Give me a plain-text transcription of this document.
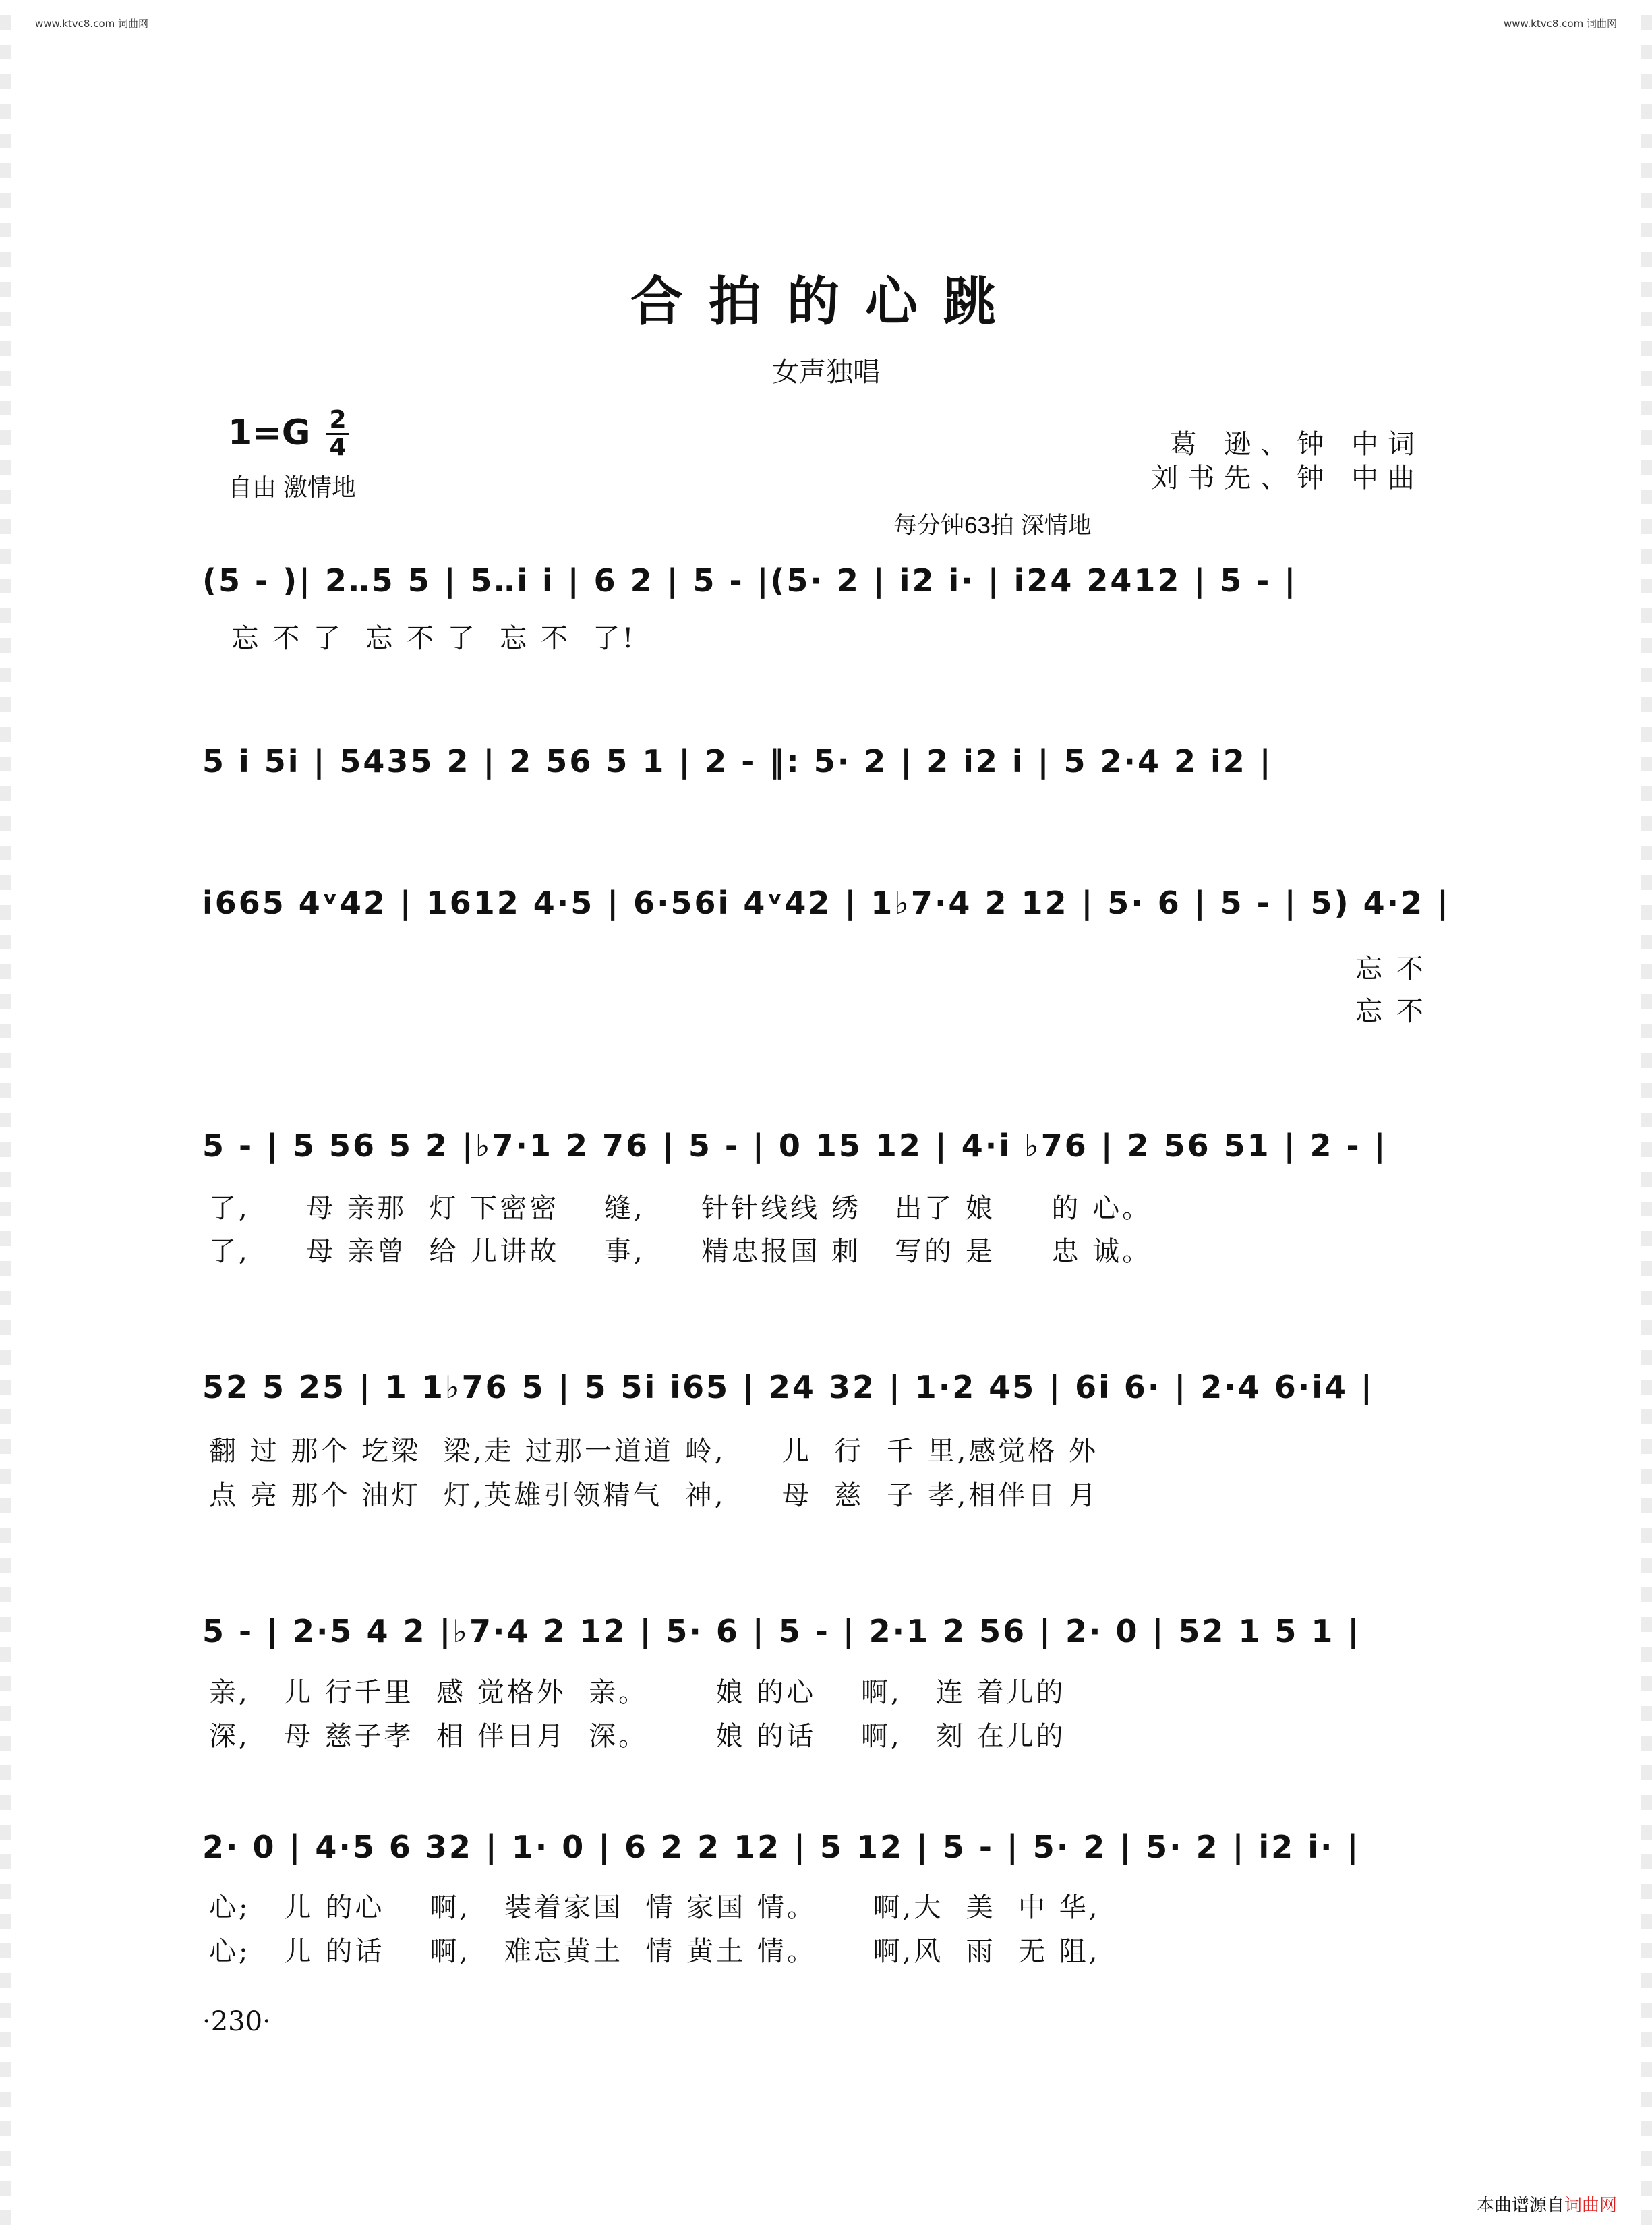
www.ktvc8.com 词曲网	www.ktvc8.com 词曲网
合拍的心跳
女声独唱
1=G 2
4
自由 激情地
葛 逊、钟 中词
刘书先、钟 中曲
每分钟63拍 深情地
(5 - )| 2‥5 5 | 5‥i i | 6 2 | 5 - |(5· 2 | i2 i· | i24 2412 | 5 - |
忘 不 了  忘 不 了  忘 不  了!
5 i 5i | 5435 2 | 2 56 5 1 | 2 - ‖: 5· 2 | 2 i2 i | 5 2·4 2 i2 |
i665 4ᵛ42 | 1612 4·5 | 6·56i 4ᵛ42 | 1♭7·4 2 12 | 5· 6 | 5 - | 5) 4·2 |
忘 不
忘 不
5 - | 5 56 5 2 |♭7·1 2 76 | 5 - | 0 15 12 | 4·i ♭76 | 2 56 51 | 2 - |
了,     母 亲那  灯 下密密    缝,     针针线线 绣   出了 娘     的 心。
了,     母 亲曾  给 儿讲故    事,     精忠报国 刺   写的 是     忠 诚。
52 5 25 | 1 1♭76 5 | 5 5i i65 | 24 32 | 1·2 45 | 6i 6· | 2·4 6·i4 |
翻 过 那个 圪梁  梁,走 过那一道道 岭,     儿  行  千 里,感觉格 外
点 亮 那个 油灯  灯,英雄引领精气  神,     母  慈  子 孝,相伴日 月
5 - | 2·5 4 2 |♭7·4 2 12 | 5· 6 | 5 - | 2·1 2 56 | 2· 0 | 52 1 5 1 |
亲,   儿 行千里  感 觉格外  亲。      娘 的心    啊,   连 着儿的
深,   母 慈子孝  相 伴日月  深。      娘 的话    啊,   刻 在儿的
2· 0 | 4·5 6 32 | 1· 0 | 6 2 2 12 | 5 12 | 5 - | 5· 2 | 5· 2 | i2 i· |
心;   儿 的心    啊,   装着家国  情 家国 情。     啊,大  美  中 华,
心;   儿 的话    啊,   难忘黄土  情 黄土 情。     啊,风  雨  无 阻,
·230·
本曲谱源自词曲网
